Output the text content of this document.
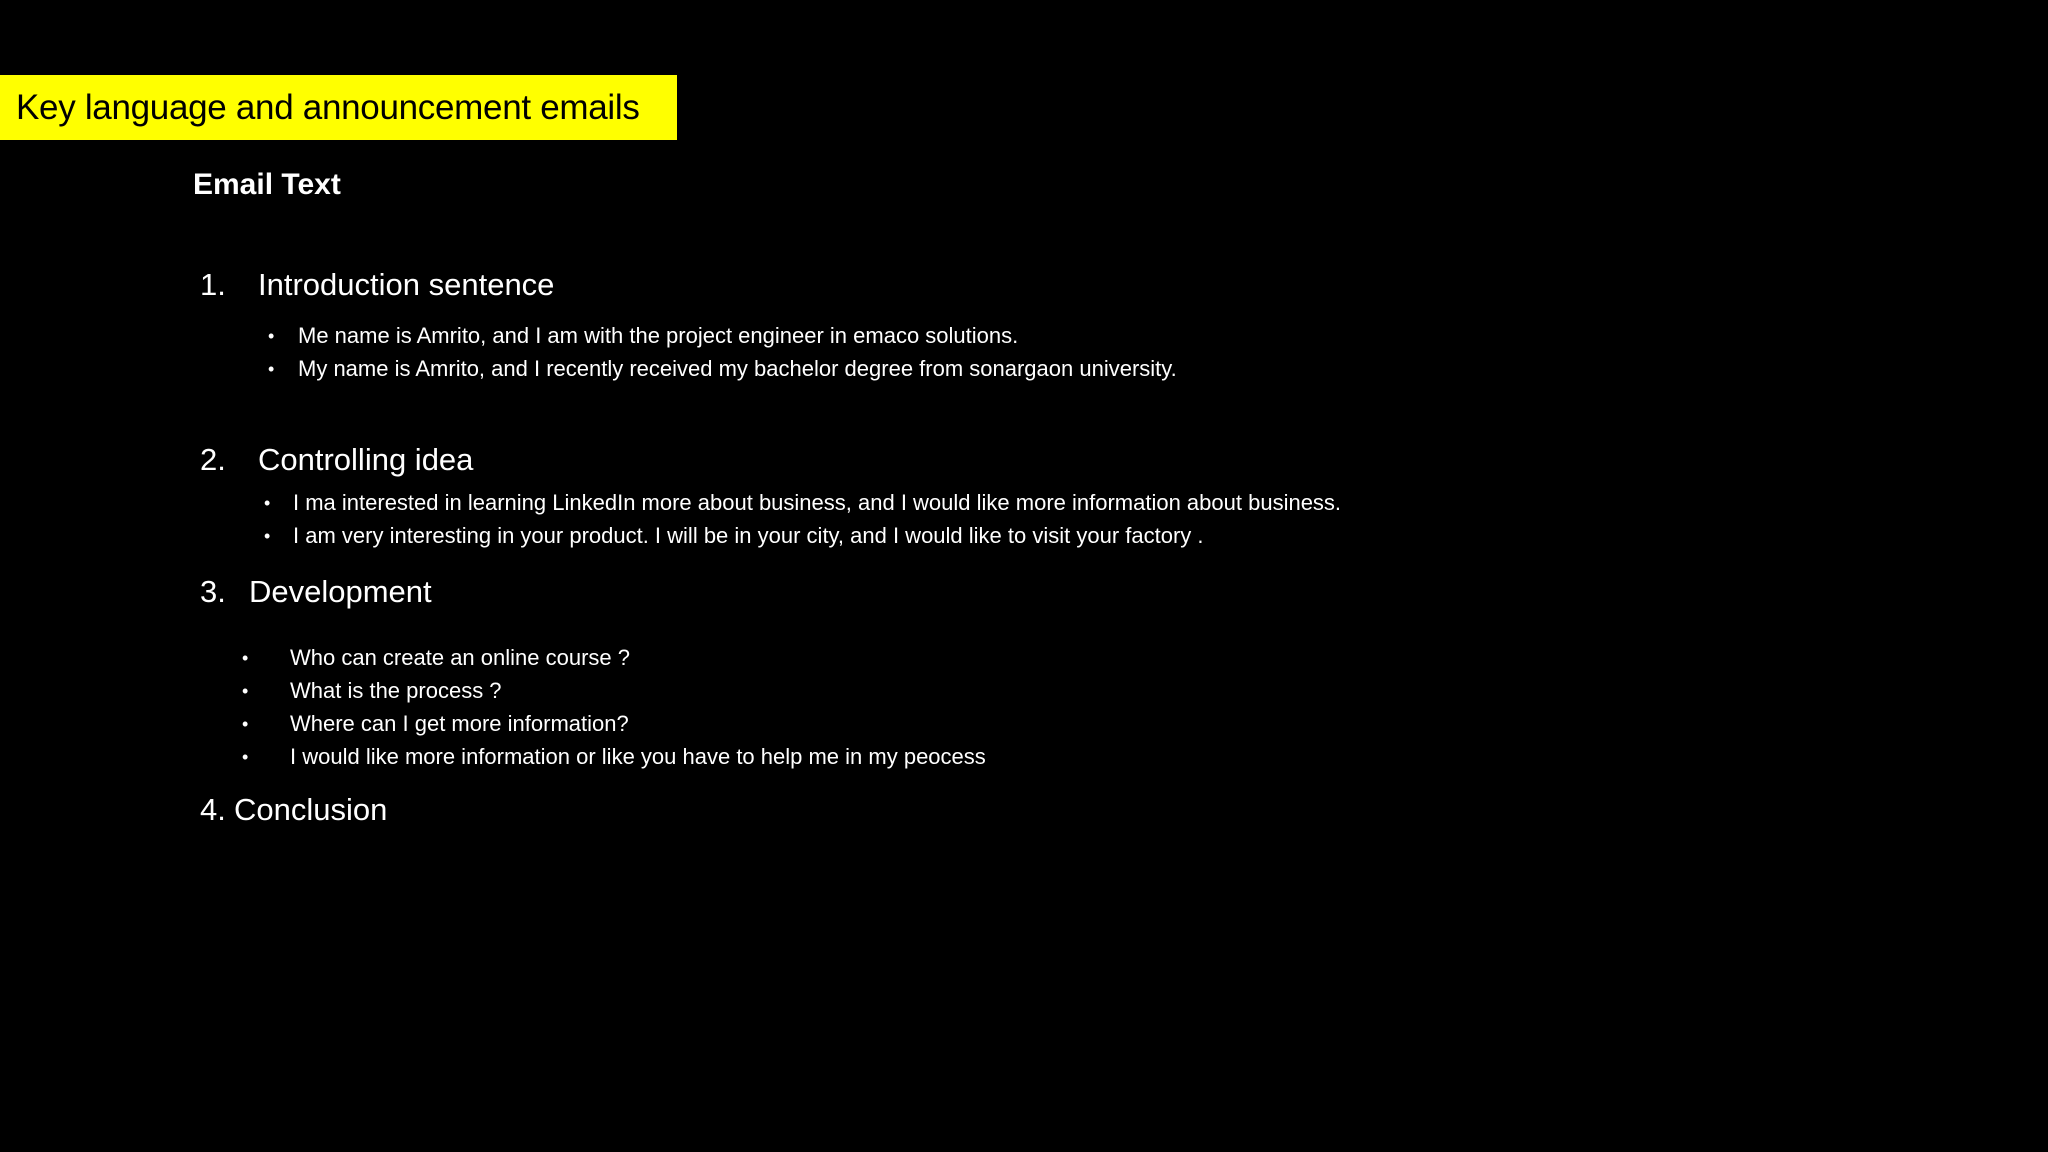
Key language and announcement emails
Email Text
1. Introduction sentence
• Me name is Amrito, and I am with the project engineer in emaco solutions.
• My name is Amrito, and I recently received my bachelor degree from sonargaon university.
2. Controlling idea
• I ma interested in learning LinkedIn more about business, and I would like more information about business.
• I am very interesting in your product. I will be in your city, and I would like to visit your factory .
3. Development
• Who can create an online course ?
• What is the process ?
• Where can I get more information?
• I would like more information or like you have to help me in my peocess
4. Conclusion
